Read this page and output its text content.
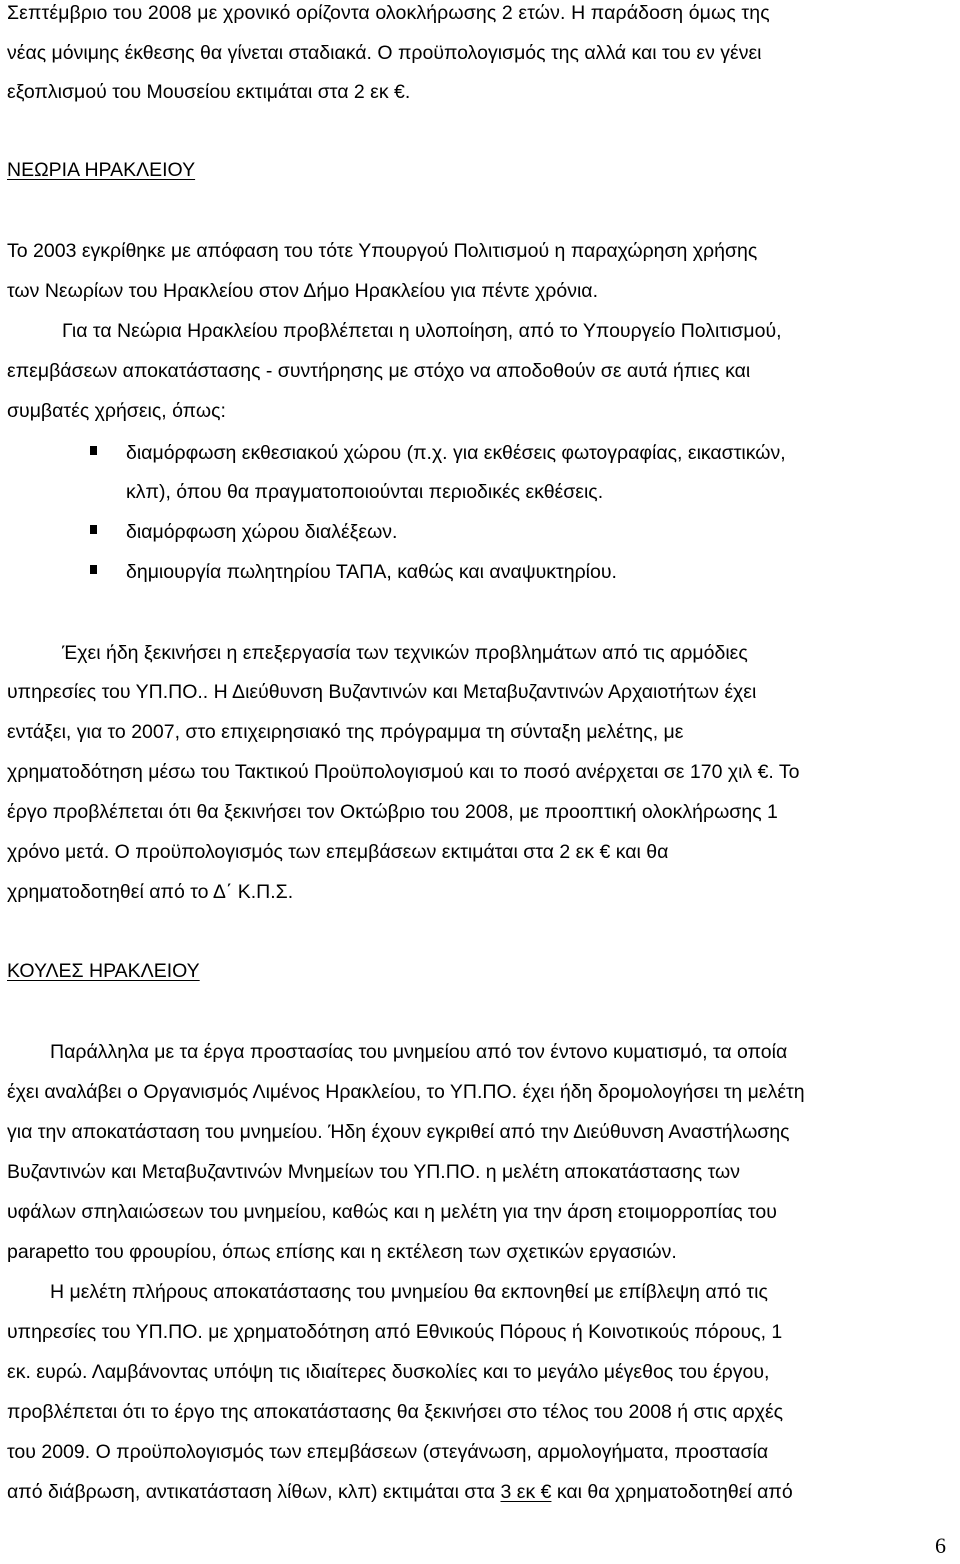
Σεπτέμβριο του 2008 με χρονικό ορίζοντα ολοκλήρωσης 2 ετών. Η παράδοση όμως της
νέας μόνιμης έκθεσης θα γίνεται σταδιακά. Ο προϋπολογισμός της αλλά και του εν γένει
εξοπλισμού του Μουσείου εκτιμάται στα 2 εκ €.
ΝΕΩΡΙΑ ΗΡΑΚΛΕΙΟΥ
Το 2003 εγκρίθηκε με απόφαση του τότε Υπουργού Πολιτισμού η παραχώρηση χρήσης
των Νεωρίων του Ηρακλείου στον Δήμο Ηρακλείου για πέντε χρόνια.
Για τα Νεώρια Ηρακλείου προβλέπεται η υλοποίηση, από το Υπουργείο Πολιτισμού,
επεμβάσεων αποκατάστασης - συντήρησης με στόχο να αποδοθούν σε αυτά ήπιες και
συμβατές χρήσεις, όπως:
διαμόρφωση εκθεσιακού χώρου (π.χ. για εκθέσεις φωτογραφίας, εικαστικών,
κλπ), όπου θα πραγματοποιούνται περιοδικές εκθέσεις.
διαμόρφωση χώρου διαλέξεων.
δημιουργία πωλητηρίου ΤΑΠΑ, καθώς και αναψυκτηρίου.
Έχει ήδη ξεκινήσει η επεξεργασία των τεχνικών προβλημάτων από τις αρμόδιες
υπηρεσίες του ΥΠ.ΠΟ.. Η Διεύθυνση Βυζαντινών και Μεταβυζαντινών Αρχαιοτήτων έχει
εντάξει, για το 2007, στο επιχειρησιακό της πρόγραμμα τη σύνταξη μελέτης, με
χρηματοδότηση μέσω του Τακτικού Προϋπολογισμού και το ποσό ανέρχεται σε 170 χιλ €. Το
έργο προβλέπεται ότι θα ξεκινήσει τον Οκτώβριο του 2008, με προοπτική ολοκλήρωσης 1
χρόνο μετά. Ο προϋπολογισμός των επεμβάσεων εκτιμάται στα 2 εκ € και θα
χρηματοδοτηθεί από το Δ΄ Κ.Π.Σ.
ΚΟΥΛΕΣ ΗΡΑΚΛΕΙΟΥ
Παράλληλα με τα έργα προστασίας του μνημείου από τον έντονο κυματισμό, τα οποία
έχει αναλάβει ο Οργανισμός Λιμένος Ηρακλείου, το ΥΠ.ΠΟ. έχει ήδη δρομολογήσει τη μελέτη
για την αποκατάσταση του μνημείου. Ήδη έχουν εγκριθεί από την Διεύθυνση Αναστήλωσης
Βυζαντινών και Μεταβυζαντινών Μνημείων του ΥΠ.ΠΟ. η μελέτη αποκατάστασης των
υφάλων σπηλαιώσεων του μνημείου, καθώς και η μελέτη για την άρση ετοιμορροπίας του
parapetto του φρουρίου, όπως επίσης και η εκτέλεση των σχετικών εργασιών.
Η μελέτη πλήρους αποκατάστασης του μνημείου θα εκπονηθεί με επίβλεψη από τις
υπηρεσίες του ΥΠ.ΠΟ. με χρηματοδότηση από Εθνικούς Πόρους ή Κοινοτικούς πόρους, 1
εκ. ευρώ. Λαμβάνοντας υπόψη τις ιδιαίτερες δυσκολίες και το μεγάλο μέγεθος του έργου,
προβλέπεται ότι το έργο της αποκατάστασης θα ξεκινήσει στο τέλος του 2008 ή στις αρχές
του 2009. Ο προϋπολογισμός των επεμβάσεων (στεγάνωση, αρμολογήματα, προστασία
από διάβρωση, αντικατάσταση λίθων, κλπ) εκτιμάται στα 3 εκ € και θα χρηματοδοτηθεί από
6
